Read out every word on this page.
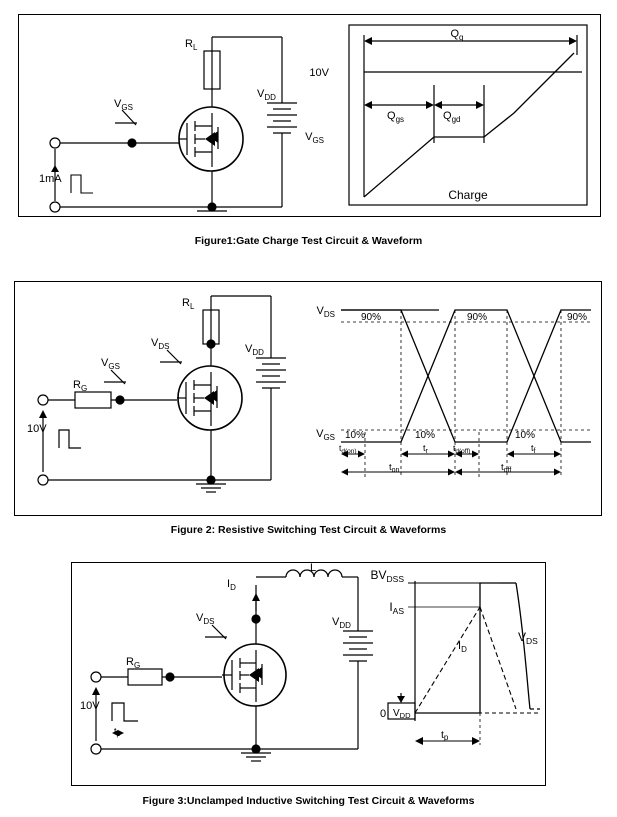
1mA
$V_{GS}$
$R_L$
$V_{DD}$
10V
$V_{GS}$
$Q_g$
$Q_{gs}$	$Q_{gd}$
Charge
Figure1:Gate Charge Test Circuit & Waveform
10V
$R_G$
$V_{GS}$
$V_{DS}$
$R_L$
$V_{DD}$
$V_{DS}$
$V_{GS}$
90%	90%	90%
10%	10%	10%
$t_{d(on)}$	$t_r$	$t_{d(off)}$	$t_f$
$t_{on}$	$t_{off}$
Figure 2: Resistive Switching Test Circuit & Waveforms
10V
$t_p$
$R_G$
$V_{DS}$
$I_D$
L
$V_{DD}$
$BV_{DSS}$
$I_{AS}$
$I_D$
$V_{DS}$
$V_{DD}$
0
tp
Figure 3:Unclamped Inductive Switching Test Circuit & Waveforms
